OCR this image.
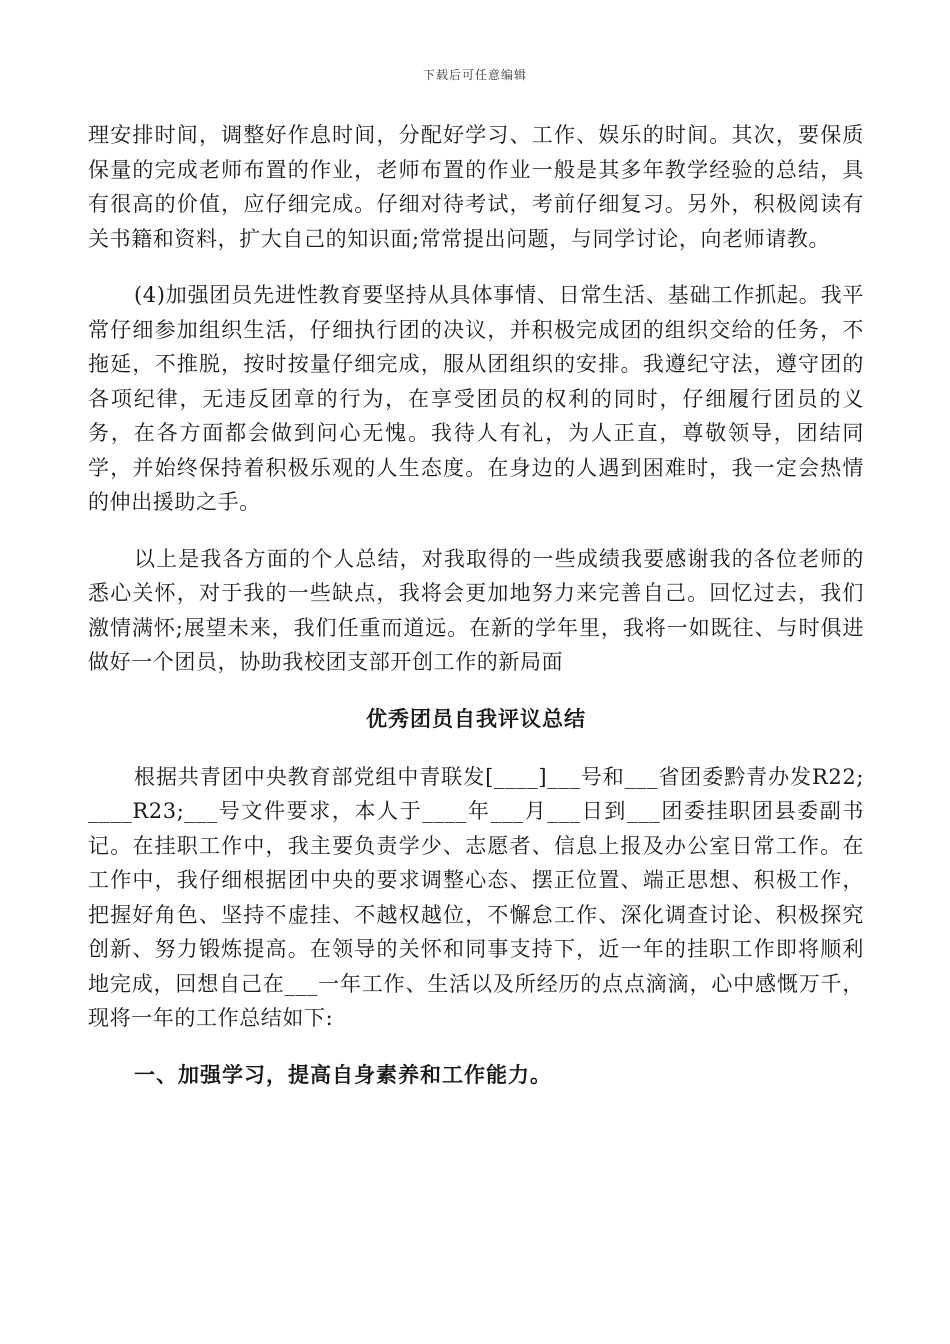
下载后可任意编辑

理安排时间，调整好作息时间，分配好学习、工作、娱乐的时间。其次，要保质保量的完成老师布置的作业，老师布置的作业一般是其多年教学经验的总结，具有很高的价值，应仔细完成。仔细对待考试，考前仔细复习。另外，积极阅读有关书籍和资料，扩大自己的知识面;常常提出问题，与同学讨论，向老师请教。

(4)加强团员先进性教育要坚持从具体事情、日常生活、基础工作抓起。我平常仔细参加组织生活，仔细执行团的决议，并积极完成团的组织交给的任务，不拖延，不推脱，按时按量仔细完成，服从团组织的安排。我遵纪守法，遵守团的各项纪律，无违反团章的行为，在享受团员的权利的同时，仔细履行团员的义务，在各方面都会做到问心无愧。我待人有礼，为人正直，尊敬领导，团结同学，并始终保持着积极乐观的人生态度。在身边的人遇到困难时，我一定会热情的伸出援助之手。

以上是我各方面的个人总结，对我取得的一些成绩我要感谢我的各位老师的悉心关怀，对于我的一些缺点，我将会更加地努力来完善自己。回忆过去，我们激情满怀;展望未来，我们任重而道远。在新的学年里，我将一如既往、与时俱进做好一个团员，协助我校团支部开创工作的新局面

优秀团员自我评议总结

根据共青团中央教育部党组中青联发[____]___号和___省团委黔青办发R22;____R23;___号文件要求，本人于____年___月___日到___团委挂职团县委副书记。在挂职工作中，我主要负责学少、志愿者、信息上报及办公室日常工作。在工作中，我仔细根据团中央的要求调整心态、摆正位置、端正思想、积极工作，把握好角色、坚持不虚挂、不越权越位，不懈怠工作、深化调查讨论、积极探究创新、努力锻炼提高。在领导的关怀和同事支持下，近一年的挂职工作即将顺利地完成，回想自己在___一年工作、生活以及所经历的点点滴滴，心中感慨万千，现将一年的工作总结如下:

一、加强学习，提高自身素养和工作能力。
